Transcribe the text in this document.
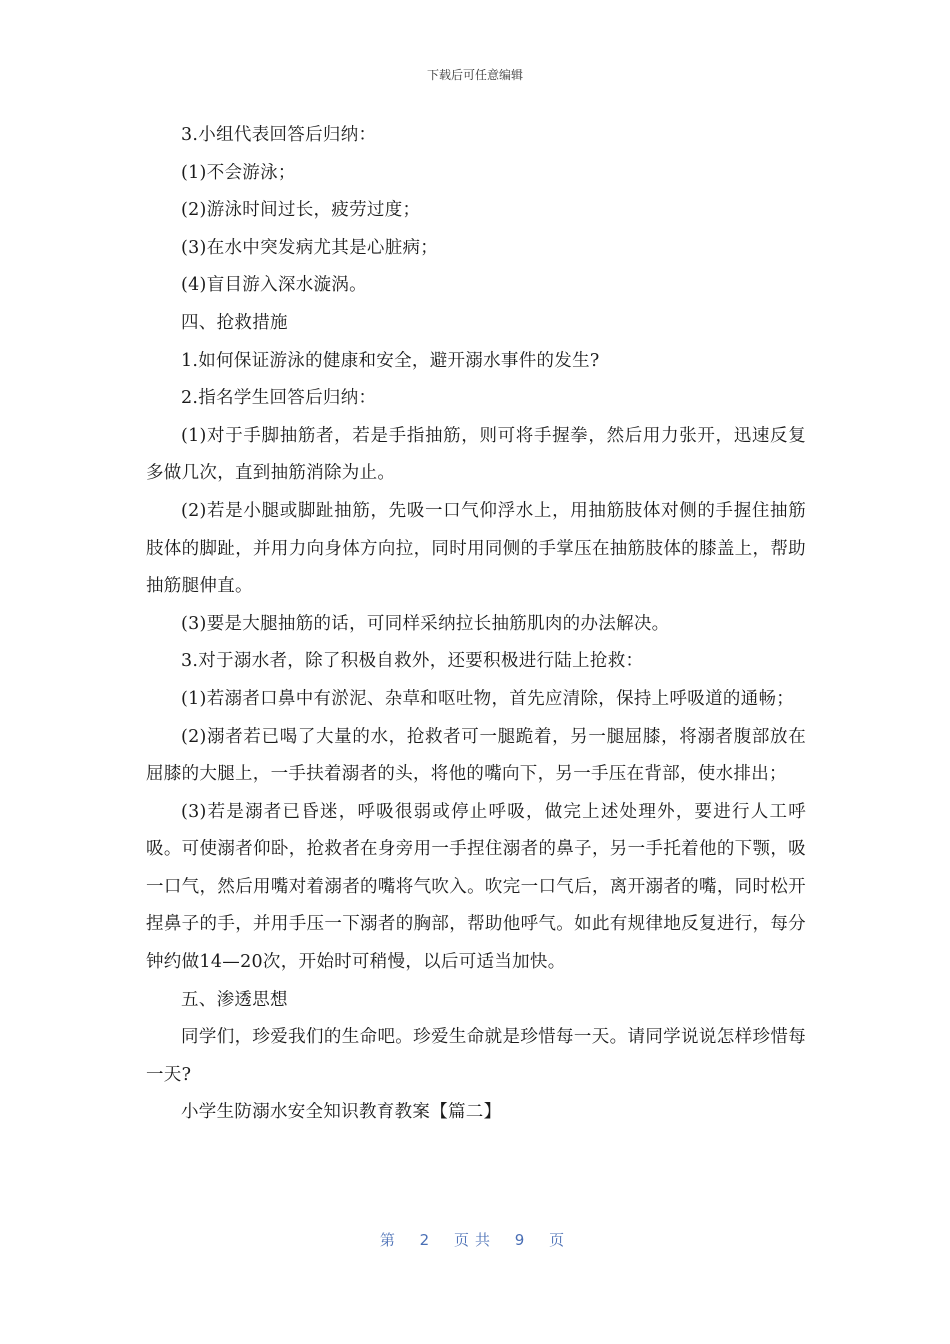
下载后可任意编辑

3.小组代表回答后归纳：

(1)不会游泳；

(2)游泳时间过长，疲劳过度；

(3)在水中突发病尤其是心脏病；

(4)盲目游入深水漩涡。

四、抢救措施

1.如何保证游泳的健康和安全，避开溺水事件的发生?

2.指名学生回答后归纳：

(1)对于手脚抽筋者，若是手指抽筋，则可将手握拳，然后用力张开，迅速反复多做几次，直到抽筋消除为止。

(2)若是小腿或脚趾抽筋，先吸一口气仰浮水上，用抽筋肢体对侧的手握住抽筋肢体的脚趾，并用力向身体方向拉，同时用同侧的手掌压在抽筋肢体的膝盖上，帮助抽筋腿伸直。

(3)要是大腿抽筋的话，可同样采纳拉长抽筋肌肉的办法解决。

3.对于溺水者，除了积极自救外，还要积极进行陆上抢救：

(1)若溺者口鼻中有淤泥、杂草和呕吐物，首先应清除，保持上呼吸道的通畅；

(2)溺者若已喝了大量的水，抢救者可一腿跪着，另一腿屈膝，将溺者腹部放在屈膝的大腿上，一手扶着溺者的头，将他的嘴向下，另一手压在背部，使水排出；

(3)若是溺者已昏迷，呼吸很弱或停止呼吸，做完上述处理外，要进行人工呼吸。可使溺者仰卧，抢救者在身旁用一手捏住溺者的鼻子，另一手托着他的下颚，吸一口气，然后用嘴对着溺者的嘴将气吹入。吹完一口气后，离开溺者的嘴，同时松开捏鼻子的手，并用手压一下溺者的胸部，帮助他呼气。如此有规律地反复进行，每分钟约做14—20次，开始时可稍慢，以后可适当加快。

五、渗透思想

同学们，珍爱我们的生命吧。珍爱生命就是珍惜每一天。请同学说说怎样珍惜每一天?

小学生防溺水安全知识教育教案【篇二】

第 2 页共 9 页
